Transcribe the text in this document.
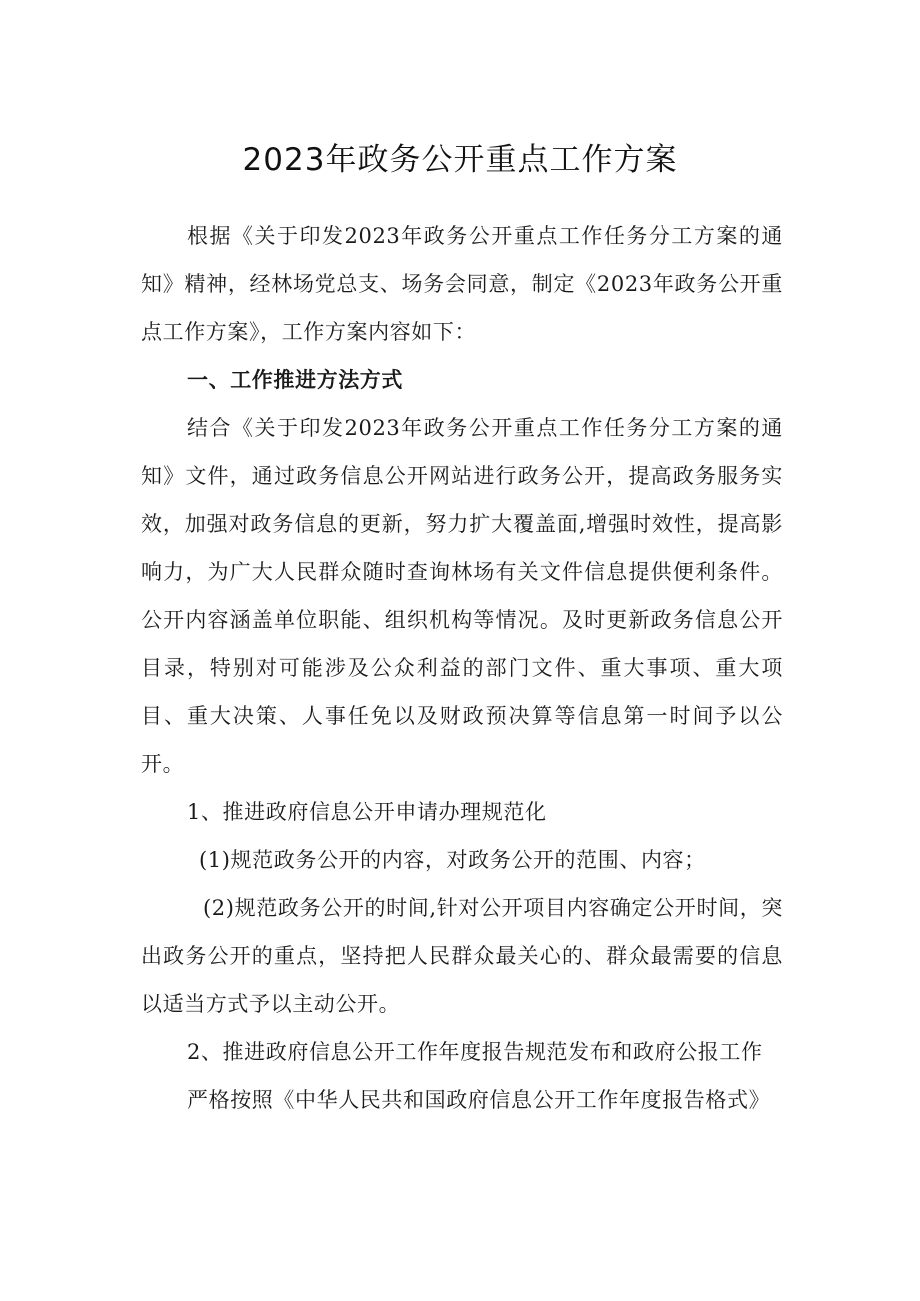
2023年政务公开重点工作方案

根据《关于印发2023年政务公开重点工作任务分工方案的通知》精神，经林场党总支、场务会同意，制定《2023年政务公开重点工作方案》，工作方案内容如下：

一、工作推进方法方式

结合《关于印发2023年政务公开重点工作任务分工方案的通知》文件，通过政务信息公开网站进行政务公开，提高政务服务实效，加强对政务信息的更新，努力扩大覆盖面,增强时效性，提高影响力，为广大人民群众随时查询林场有关文件信息提供便利条件。公开内容涵盖单位职能、组织机构等情况。及时更新政务信息公开目录，特别对可能涉及公众利益的部门文件、重大事项、重大项目、重大决策、人事任免以及财政预决算等信息第一时间予以公开。

1、推进政府信息公开申请办理规范化

(1)规范政务公开的内容，对政务公开的范围、内容；

(2)规范政务公开的时间,针对公开项目内容确定公开时间，突出政务公开的重点，坚持把人民群众最关心的、群众最需要的信息以适当方式予以主动公开。

2、推进政府信息公开工作年度报告规范发布和政府公报工作

严格按照《中华人民共和国政府信息公开工作年度报告格式》
